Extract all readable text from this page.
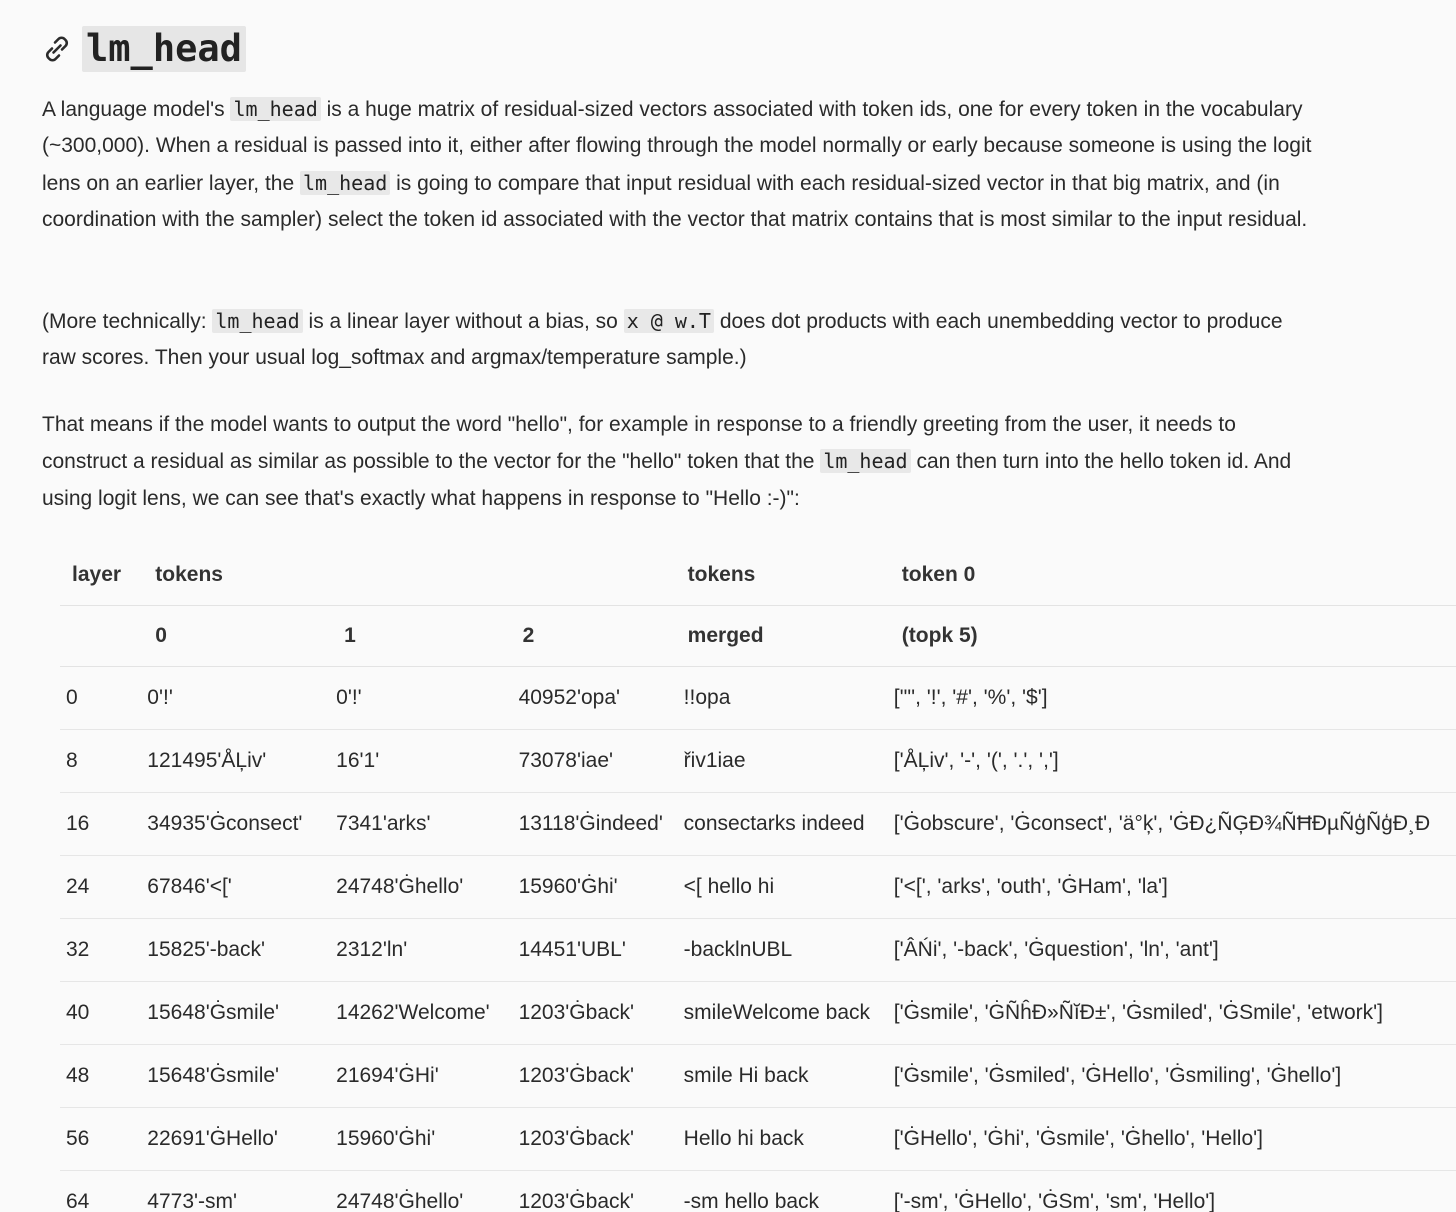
lm_head

A language model's lm_head is a huge matrix of residual-sized vectors associated with token ids, one for every token in the vocabulary (~300,000). When a residual is passed into it, either after flowing through the model normally or early because someone is using the logit lens on an earlier layer, the lm_head is going to compare that input residual with each residual-sized vector in that big matrix, and (in coordination with the sampler) select the token id associated with the vector that matrix contains that is most similar to the input residual.

(More technically: lm_head is a linear layer without a bias, so x @ w.T does dot products with each unembedding vector to produce raw scores. Then your usual log_softmax and argmax/temperature sample.)

That means if the model wants to output the word "hello", for example in response to a friendly greeting from the user, it needs to construct a residual as similar as possible to the vector for the "hello" token that the lm_head can then turn into the hello token id. And using logit lens, we can see that's exactly what happens in response to "Hello :-)":

layer	tokens			tokens	token 0
	0	1	2	merged	(topk 5)
0	0'!'	0'!'	40952'opa'	!!opa	['"', '!', '#', '%', '$']
8	121495'ÅĻiv'	16'1'	73078'iae'	řiv1iae	['ÅĻiv', '-', '(', '.', ',']
16	34935'Ġconsect'	7341'arks'	13118'Ġindeed'	consectarks indeed	['Ġobscure', 'Ġconsect', 'ä°ķ', 'ĠÐ¿ÑĢÐ¾ÑĦÐµÑģÑģÐ¸Ð
24	67846'<['	24748'Ġhello'	15960'Ġhi'	<[ hello hi	['<[', 'arks', 'outh', 'ĠHam', 'la']
32	15825'-back'	2312'ln'	14451'UBL'	-backlnUBL	['ÂŃi', '-back', 'Ġquestion', 'ln', 'ant']
40	15648'Ġsmile'	14262'Welcome'	1203'Ġback'	smileWelcome back	['Ġsmile', 'ĠÑĥÐ»ÑĭÐ±', 'Ġsmiled', 'ĠSmile', 'etwork']
48	15648'Ġsmile'	21694'ĠHi'	1203'Ġback'	smile Hi back	['Ġsmile', 'Ġsmiled', 'ĠHello', 'Ġsmiling', 'Ġhello']
56	22691'ĠHello'	15960'Ġhi'	1203'Ġback'	Hello hi back	['ĠHello', 'Ġhi', 'Ġsmile', 'Ġhello', 'Hello']
64	4773'-sm'	24748'Ġhello'	1203'Ġback'	-sm hello back	['-sm', 'ĠHello', 'ĠSm', 'sm', 'Hello']
